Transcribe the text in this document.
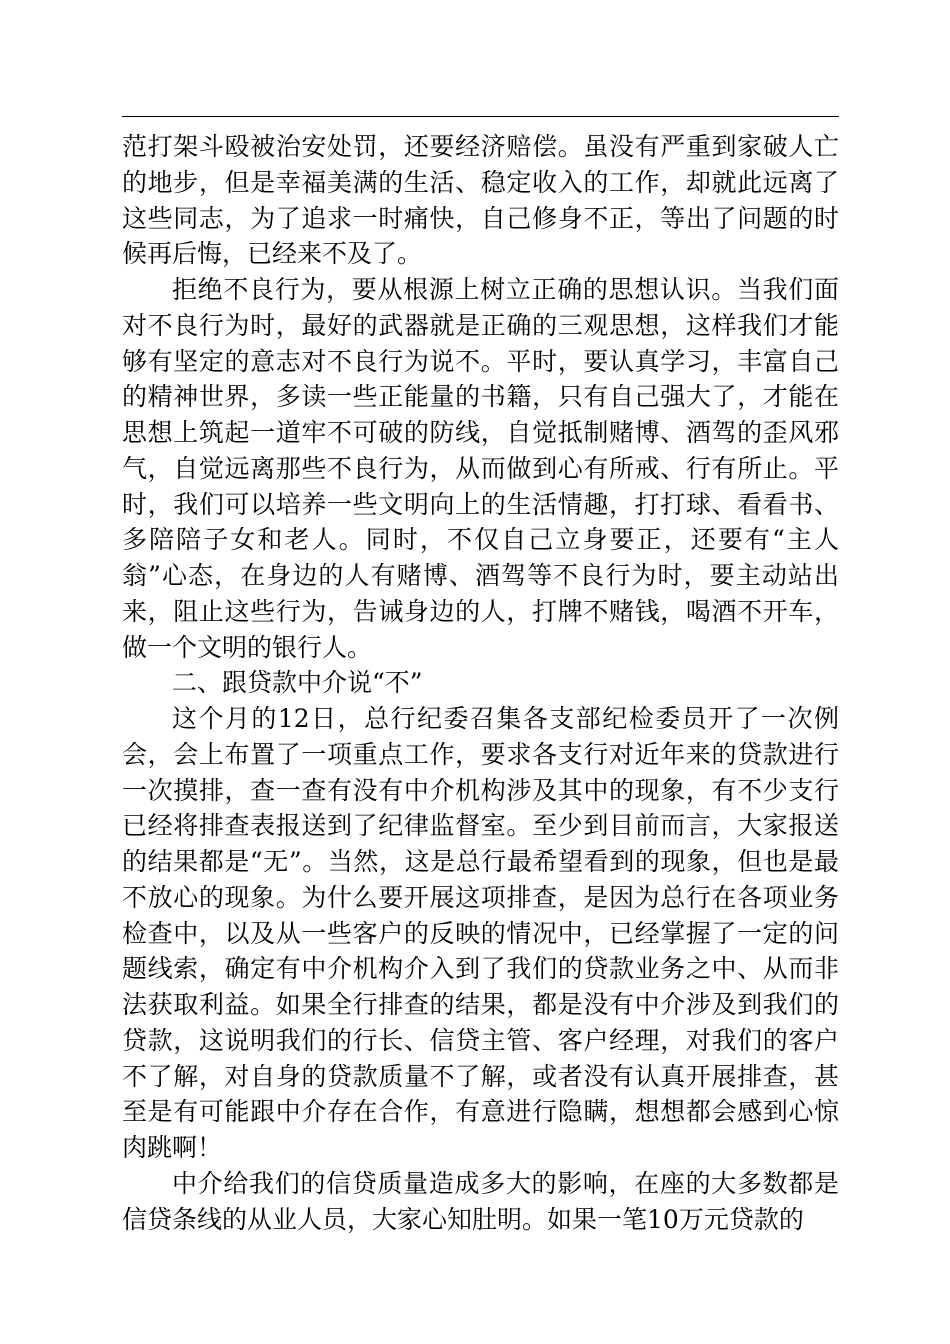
范打架斗殴被治安处罚，还要经济赔偿。虽没有严重到家破人亡的地步，但是幸福美满的生活、稳定收入的工作，却就此远离了这些同志，为了追求一时痛快，自己修身不正，等出了问题的时候再后悔，已经来不及了。

拒绝不良行为，要从根源上树立正确的思想认识。当我们面对不良行为时，最好的武器就是正确的三观思想，这样我们才能够有坚定的意志对不良行为说不。平时，要认真学习，丰富自己的精神世界，多读一些正能量的书籍，只有自己强大了，才能在思想上筑起一道牢不可破的防线，自觉抵制赌博、酒驾的歪风邪气，自觉远离那些不良行为，从而做到心有所戒、行有所止。平时，我们可以培养一些文明向上的生活情趣，打打球、看看书、多陪陪子女和老人。同时，不仅自己立身要正，还要有“主人翁”心态，在身边的人有赌博、酒驾等不良行为时，要主动站出来，阻止这些行为，告诫身边的人，打牌不赌钱，喝酒不开车，做一个文明的银行人。

二、跟贷款中介说“不”

这个月的12日，总行纪委召集各支部纪检委员开了一次例会，会上布置了一项重点工作，要求各支行对近年来的贷款进行一次摸排，查一查有没有中介机构涉及其中的现象，有不少支行已经将排查表报送到了纪律监督室。至少到目前而言，大家报送的结果都是“无”。当然，这是总行最希望看到的现象，但也是最不放心的现象。为什么要开展这项排查，是因为总行在各项业务检查中，以及从一些客户的反映的情况中，已经掌握了一定的问题线索，确定有中介机构介入到了我们的贷款业务之中、从而非法获取利益。如果全行排查的结果，都是没有中介涉及到我们的贷款，这说明我们的行长、信贷主管、客户经理，对我们的客户不了解，对自身的贷款质量不了解，或者没有认真开展排查，甚至是有可能跟中介存在合作，有意进行隐瞒，想想都会感到心惊肉跳啊！

中介给我们的信贷质量造成多大的影响，在座的大多数都是信贷条线的从业人员，大家心知肚明。如果一笔10万元贷款的
